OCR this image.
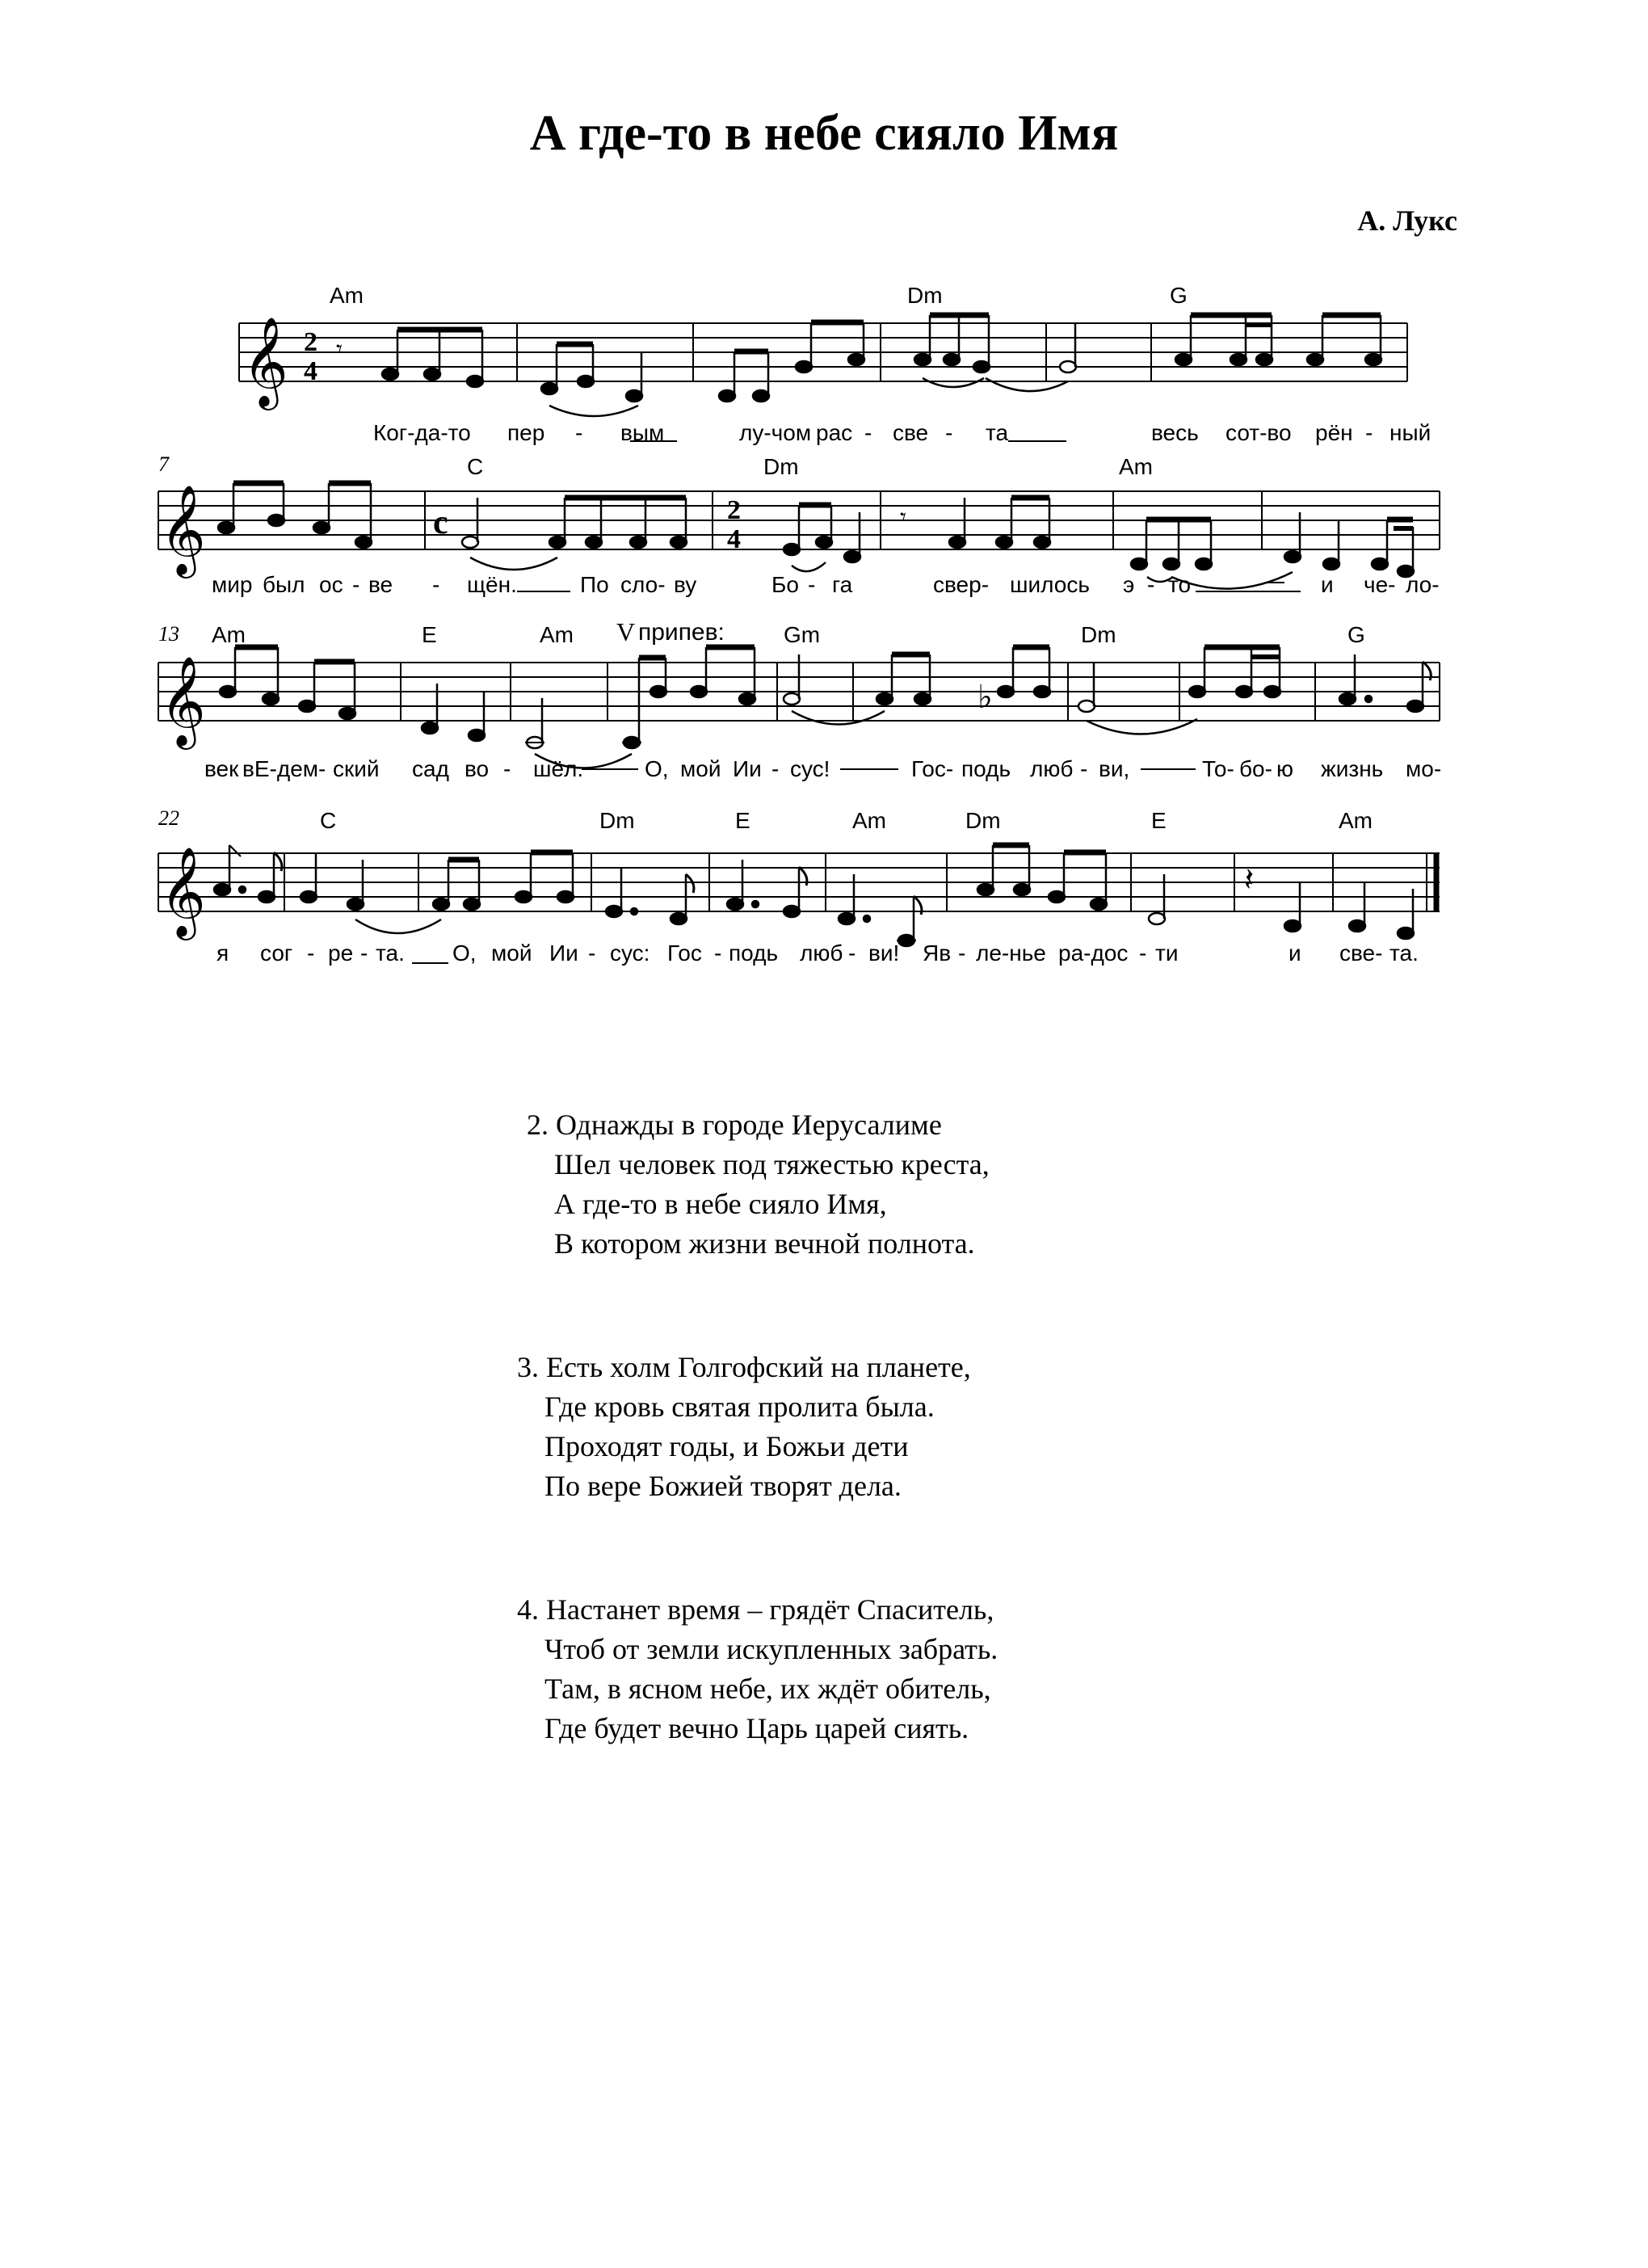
А где-то в небе сияло Имя
А. Лукс
𝄞 2
4
𝄾
Am	Dm	G
Ког-да-то пер - вым	лу-чом рас - све - та	весь сот-во рён - ный
𝄞	c	2
4
𝄾
7	C	Dm	Am
мир был ос - ве - щён.	По сло- ву	Бо - га	свер- шилось э - то	и че- ло-
𝄞	♭
13 Am	E	Am V припев:	Gm	Dm	G
век вЕ-дем- ский сад во - шёл.	О, мой Ии - сус!	Гос- подь люб - ви,	То- бо- ю жизнь мо-
𝄞	𝄽
22	C	Dm	E	Am	Dm	E	Am
я сог - ре - та. О, мой Ии - сус: Гос - подь люб - ви! Яв - ле-нье ра-дос - ти	и све- та.
2. Однажды в городе Иерусалиме
Шел человек под тяжестью креста,
А где-то в небе сияло Имя,
В котором жизни вечной полнота.
3. Есть холм Голгофский на планете,
Где кровь святая пролита была.
Проходят годы, и Божьи дети
По вере Божией творят дела.
4. Настанет время – грядёт Спаситель,
Чтоб от земли искупленных забрать.
Там, в ясном небе, их ждёт обитель,
Где будет вечно Царь царей сиять.
